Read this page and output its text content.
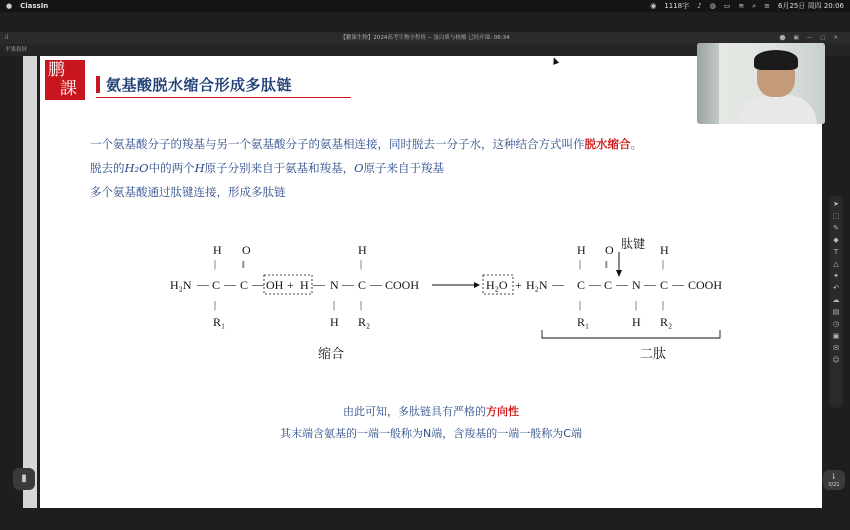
● ClassIn	◉ 1118字 ♪ ◍ ▭ ≋ ⌕ ≡ 6月25日 周四 20:06
ıl	【鹏课生物】2024高考生物全程班 -- 蛋白质与核酸 已经开课: 06:34	⬤ ▣ — ▢ ✕
平果投屏
▮
鹏
課	氨基酸脱水缩合形成多肽链
一个氨基酸分子的羧基与另一个氨基酸分子的氨基相连接，同时脱去一分子水，这种结合方式叫作脱水缩合。
脱去的H₂O中的两个H原子分别来自于氨基和羧基，O原子来自于羧基
多个氨基酸通过肽键连接，形成多肽链
H
|
O
‖
H₂N — C — C —
|
R₁
OH + H — N
|
H
—
H
|
C — COOH
|
R₂
H₂O + H₂N —
H
|
C
|
R₁
—
O
‖
C — N
|
H
—
H
|
C
|
R₂
— COOH
肽键
缩合	二肽
由此可知，多肽链具有严格的方向性
其末端含氨基的一端一般称为N端，含羧基的一端一般称为C端
➤
⬚
✎
◆
T
△
✦
↶
☁
▤
◷
▣
✉
☺
⇂ 0/21
